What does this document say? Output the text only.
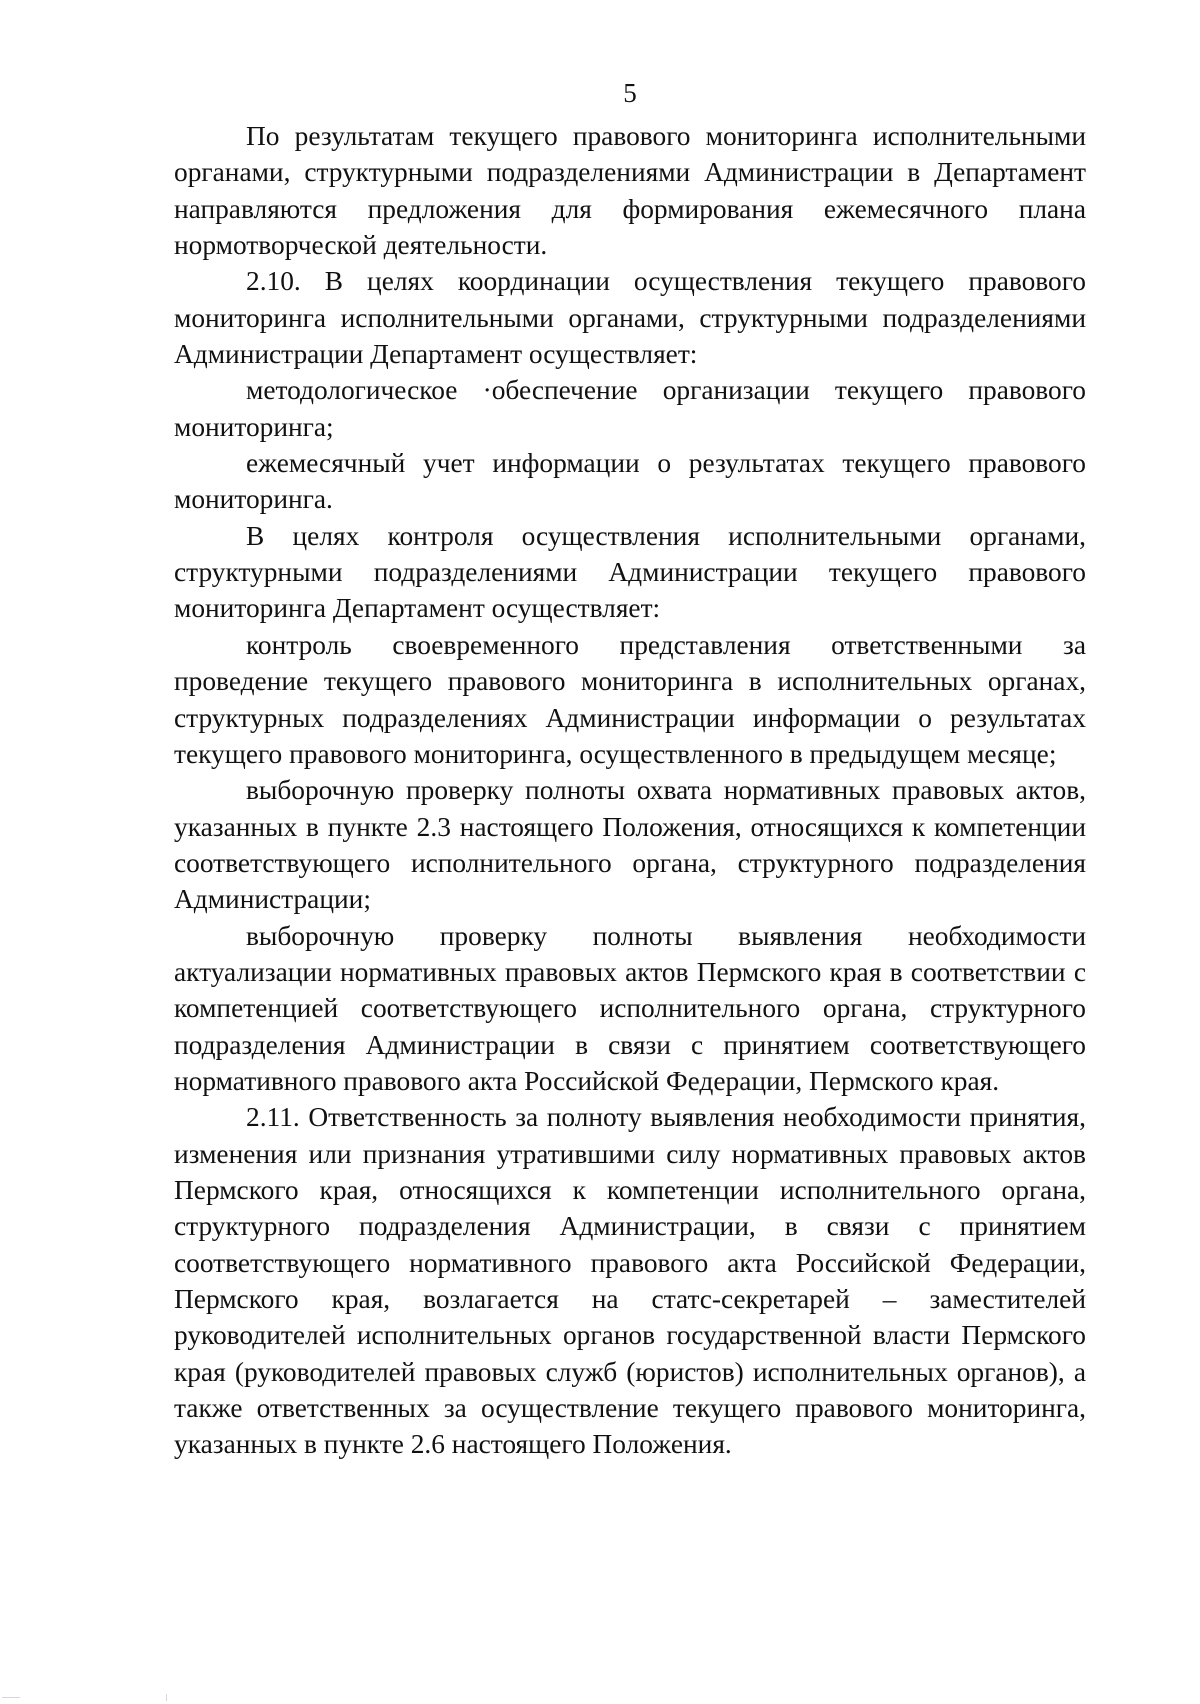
5

По результатам текущего правового мониторинга исполнительными органами, структурными подразделениями Администрации в Департамент направляются предложения для формирования ежемесячного плана нормотворческой деятельности.

2.10. В целях координации осуществления текущего правового мониторинга исполнительными органами, структурными подразделениями Администрации Департамент осуществляет:

методологическое ·обеспечение организации текущего правового мониторинга;

ежемесячный учет информации о результатах текущего правового мониторинга.

В целях контроля осуществления исполнительными органами, структурными подразделениями Администрации текущего правового мониторинга Департамент осуществляет:

контроль своевременного представления ответственными за проведение текущего правового мониторинга в исполнительных органах, структурных подразделениях Администрации информации о результатах текущего правового мониторинга, осуществленного в предыдущем месяце;

выборочную проверку полноты охвата нормативных правовых актов, указанных в пункте 2.3 настоящего Положения, относящихся к компетенции соответствующего исполнительного органа, структурного подразделения Администрации;

выборочную проверку полноты выявления необходимости актуализации нормативных правовых актов Пермского края в соответствии с компетенцией соответствующего исполнительного органа, структурного подразделения Администрации в связи с принятием соответствующего нормативного правового акта Российской Федерации, Пермского края.

2.11. Ответственность за полноту выявления необходимости принятия, изменения или признания утратившими силу нормативных правовых актов Пермского края, относящихся к компетенции исполнительного органа, структурного подразделения Администрации, в связи с принятием соответствующего нормативного правового акта Российской Федерации, Пермского края, возлагается на статс-секретарей – заместителей руководителей исполнительных органов государственной власти Пермского края (руководителей правовых служб (юристов) исполнительных органов), а также ответственных за осуществление текущего правового мониторинга, указанных в пункте 2.6 настоящего Положения.
